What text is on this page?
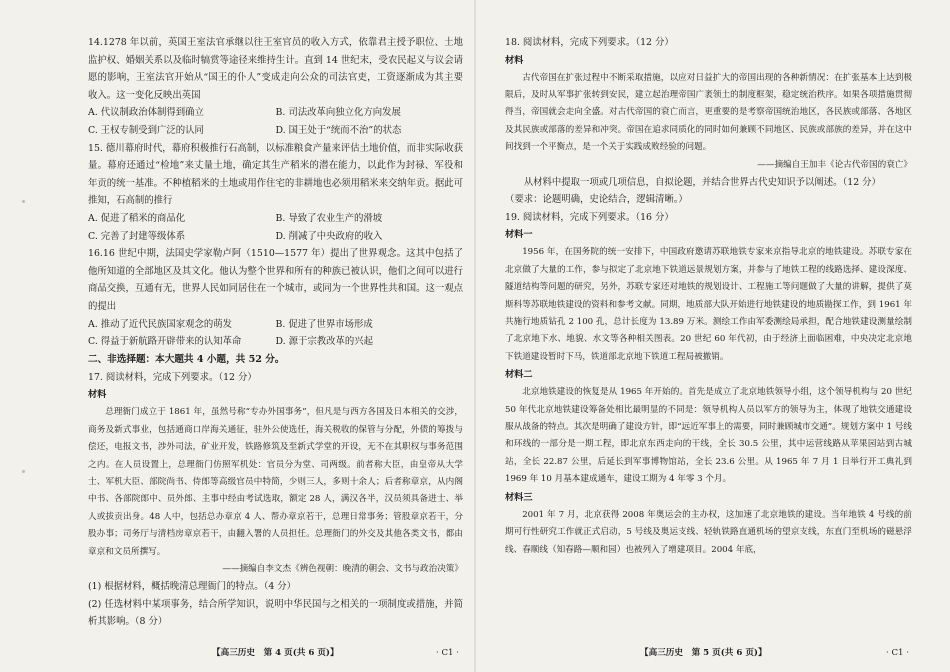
14.1278 年以前，英国王室法官承继以往王室官员的收入方式，依靠君主授予职位、土地监护权、婚姻关系以及临时犒赏等途径来维持生计。直到 14 世纪末，受农民起义与议会请愿的影响，王室法官开始从“国王的仆人”变成走向公众的司法官吏，工资逐渐成为其主要收入。这一变化反映出英国

A. 代议制政治体制得到确立	B. 司法改革向独立化方向发展
C. 王权专制受到广泛的认同	D. 国王处于“统而不治”的状态

15. 德川幕府时代，幕府积极推行石高制，以标准粮食产量来评估土地价值，而非实际收获量。幕府还通过“检地”来丈量土地，确定其生产稻米的潜在能力，以此作为封禄、军役和年贡的统一基准。不种植稻米的土地或用作住宅的非耕地也必须用稻米来交纳年贡。据此可推知，石高制的推行

A. 促进了稻米的商品化	B. 导致了农业生产的滑坡
C. 完善了封建等级体系	D. 削减了中央政府的收入

16.16 世纪中期，法国史学家勒卢阿（1510—1577 年）提出了世界观念。这其中包括了他所知道的全部地区及其文化。他认为整个世界和所有的种族已被认识，他们之间可以进行商品交换，互通有无，世界人民如同居住在一个城市，或同为一个世界性共和国。这一观点的提出

A. 推动了近代民族国家观念的萌发	B. 促进了世界市场形成
C. 得益于新航路开辟带来的认知革命	D. 源于宗教改革的兴起

二、非选择题：本大题共 4 小题，共 52 分。

17. 阅读材料，完成下列要求。（12 分）

材料

总理衙门成立于 1861 年，虽然号称“专办外国事务”，但凡是与西方各国及日本相关的交涉，商务及新式事业，包括通商口岸海关通征，驻外公使选任，海关税收的保管与分配，外债的筹拨与偿还，电报文书，涉外司法，矿业开发，铁路修筑及至新式学堂的开设，无不在其职权与事务范围之内。在人员设置上，总理衙门仿照军机处：官员分为堂、司两级。前者称大臣，由皇帝从大学士、军机大臣、部院尚书、侍郎等高级官员中特简，少则三人，多则十余人；后者称章京，从内阁中书、各部院郎中、员外郎、主事中经由考试选取，额定 28 人，满汉各半，汉员须具备进士、举人或拔贡出身。48 人中，包括总办章京 4 人、帮办章京若干，总理日常事务；管股章京若干，分股办事；司务厅与清档房章京若干，由翻入署的人员担任。总理衙门的外交及其他各类文书，都由章京和文员所撰写。

——摘编自李文杰《辨色视朝：晚清的朝会、文书与政治决策》

(1) 根据材料，概括晚清总理衙门的特点。（4 分）

(2) 任选材料中某项事务，结合所学知识，说明中华民国与之相关的一项制度或措施，并简析其影响。（8 分）

18. 阅读材料，完成下列要求。（12 分）

材料

古代帝国在扩张过程中不断采取措施，以应对日益扩大的帝国出现的各种新情况：在扩张基本上达到极限后，及时从军事扩张转到安民，建立起治理帝国广袤领土的制度框架，稳定统治秩序。如果各项措施贯彻得当，帝国就会走向全盛。对古代帝国的衰亡而言，更重要的是考察帝国统治地区，各民族或部落、各地区及其民族或部落的差异和冲突。帝国在追求同质化的同时如何兼顾不同地区、民族或部族的差异，并在这中间找到一个平衡点，是一个关于实践成败经验的问题。

——摘编自王加丰《论古代帝国的衰亡》

从材料中提取一项或几项信息，自拟论题，并结合世界古代史知识予以阐述。（12 分）

（要求：论题明确，史论结合，逻辑清晰。）

19. 阅读材料，完成下列要求。（16 分）

材料一

1956 年，在国务院的统一安排下，中国政府邀请苏联地铁专家来京指导北京的地铁建设。苏联专家在北京做了大量的工作，参与拟定了北京地下铁道远景规划方案，并参与了地铁工程的线路选择、建设深度、隧道结构等问题的研究，另外，苏联专家还对地铁的规划设计、工程施工等问题做了大量的讲解，提供了莫斯科等苏联地铁建设的资料和参考文献。同期，地质部大队开始进行地铁建设的地质勘探工作，到 1961 年共施行地质钻孔 2 100 孔，总计长度为 13.89 万米。测绘工作由军委测绘局承担，配合地铁建设测量绘制了北京地下水、地貌、水文等各种相关图表。20 世纪 60 年代初，由于经济上面临困难，中央决定北京地下铁道建设暂时下马，铁道部北京地下铁道工程局被撤销。

材料二

北京地铁建设的恢复是从 1965 年开始的。首先是成立了北京地铁领导小组，这个领导机构与 20 世纪 50 年代北京地铁建设筹备处相比最明显的不同是：领导机构人员以军方的领导为主，体现了地铁交通建设服从战备的特点。其次是明确了建设方针，即“远近军事上的需要，同时兼顾城市交通”。规划方案中 1 号线和环线的一部分是一期工程，即北京东西走向的干线，全长 30.5 公里，其中运营线路从苹果园站到古城站，全长 22.87 公里，后延长到军事博物馆站，全长 23.6 公里。从 1965 年 7 月 1 日举行开工典礼到 1969 年 10 月基本建成通车，建设工期为 4 年零 3 个月。

材料三

2001 年 7 月，北京获得 2008 年奥运会的主办权，这加速了北京地铁的建设。当年地铁 4 号线的前期可行性研究工作就正式启动，5 号线及奥运支线、轻轨铁路直通机场的望京支线，东直门至机场的磁悬浮线、春顺线（知春路—顺和园）也被列入了增建项目。2004 年底，

【高三历史　第 4 页(共 6 页)】	· C1 ·	【高三历史　第 5 页(共 6 页)】	· C1 ·
